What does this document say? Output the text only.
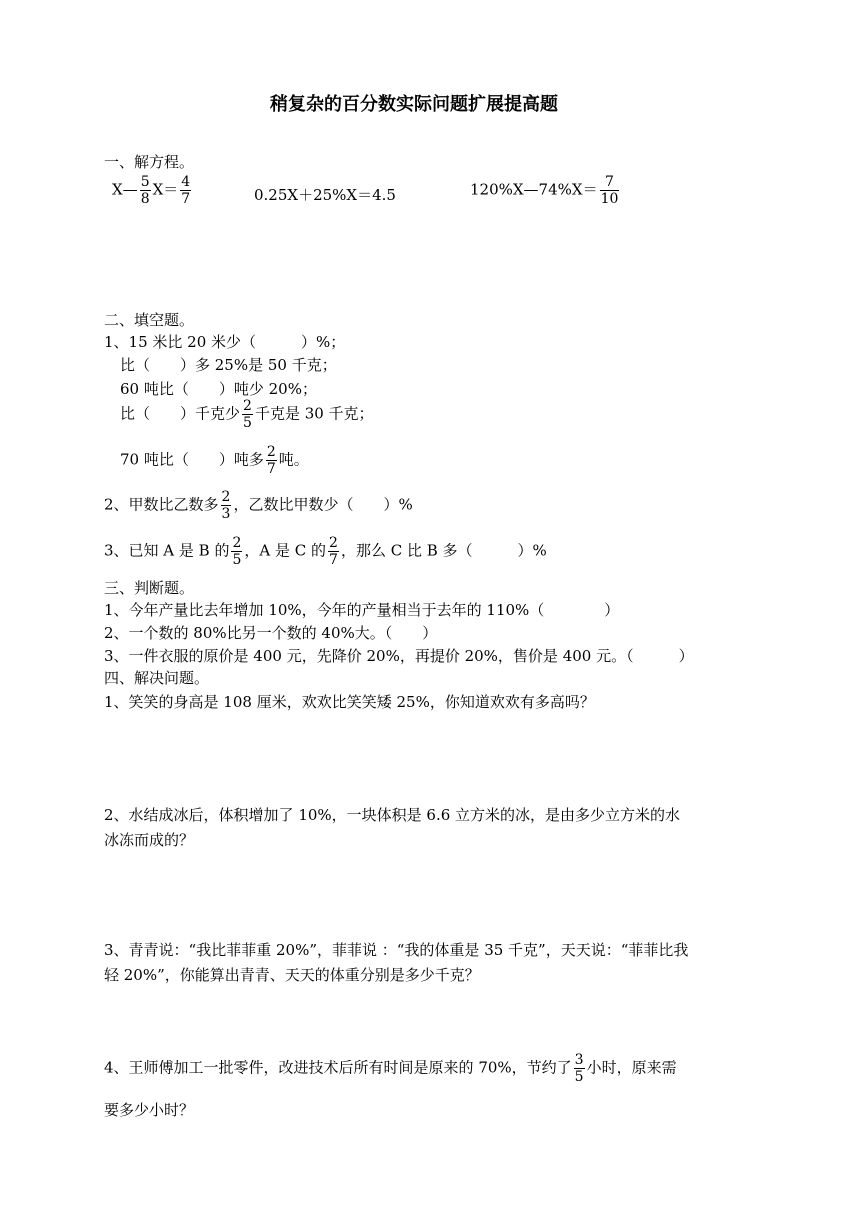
稍复杂的百分数实际问题扩展提高题
一、解方程。
X— $\frac{5}{8} X= \frac{4}{7}$	0.25X＋25%X＝4.5	120%X—74%X＝ $\frac{7}{10}$
二、填空题。
1、15 米比 20 米少（　　　）%；
比（　　）多 25%是 50 千克；
60 吨比（　　）吨少 20%；
比（　　）千克少 $\frac{2}{5}$ 千克是 30 千克；
70 吨比（　　）吨多 $\frac{2}{7}$ 吨。
2、甲数比乙数多 $\frac{2}{3}$ ，乙数比甲数少（　　）%
3、已知 A 是 B 的 $\frac{2}{5}$ ，A 是 C 的 $\frac{2}{7}$ ，那么 C 比 B 多（　　　）%
三、判断题。
1、今年产量比去年增加 10%，今年的产量相当于去年的 110%（　　　　）
2、一个数的 80%比另一个数的 40%大。（　　）
3、一件衣服的原价是 400 元，先降价 20%，再提价 20%，售价是 400 元。（　　　）
四、解决问题。
1、笑笑的身高是 108 厘米，欢欢比笑笑矮 25%，你知道欢欢有多高吗？
2、水结成冰后，体积增加了 10%，一块体积是 6.6 立方米的冰，是由多少立方米的水
冰冻而成的？
3、青青说：“我比菲菲重 20%”，菲菲说 ：“我的体重是 35 千克”，天天说：“菲菲比我
轻 20%”，你能算出青青、天天的体重分别是多少千克？
4、王师傅加工一批零件，改进技术后所有时间是原来的 70%，节约了 $\frac{3}{5}$ 小时，原来需
要多少小时？
